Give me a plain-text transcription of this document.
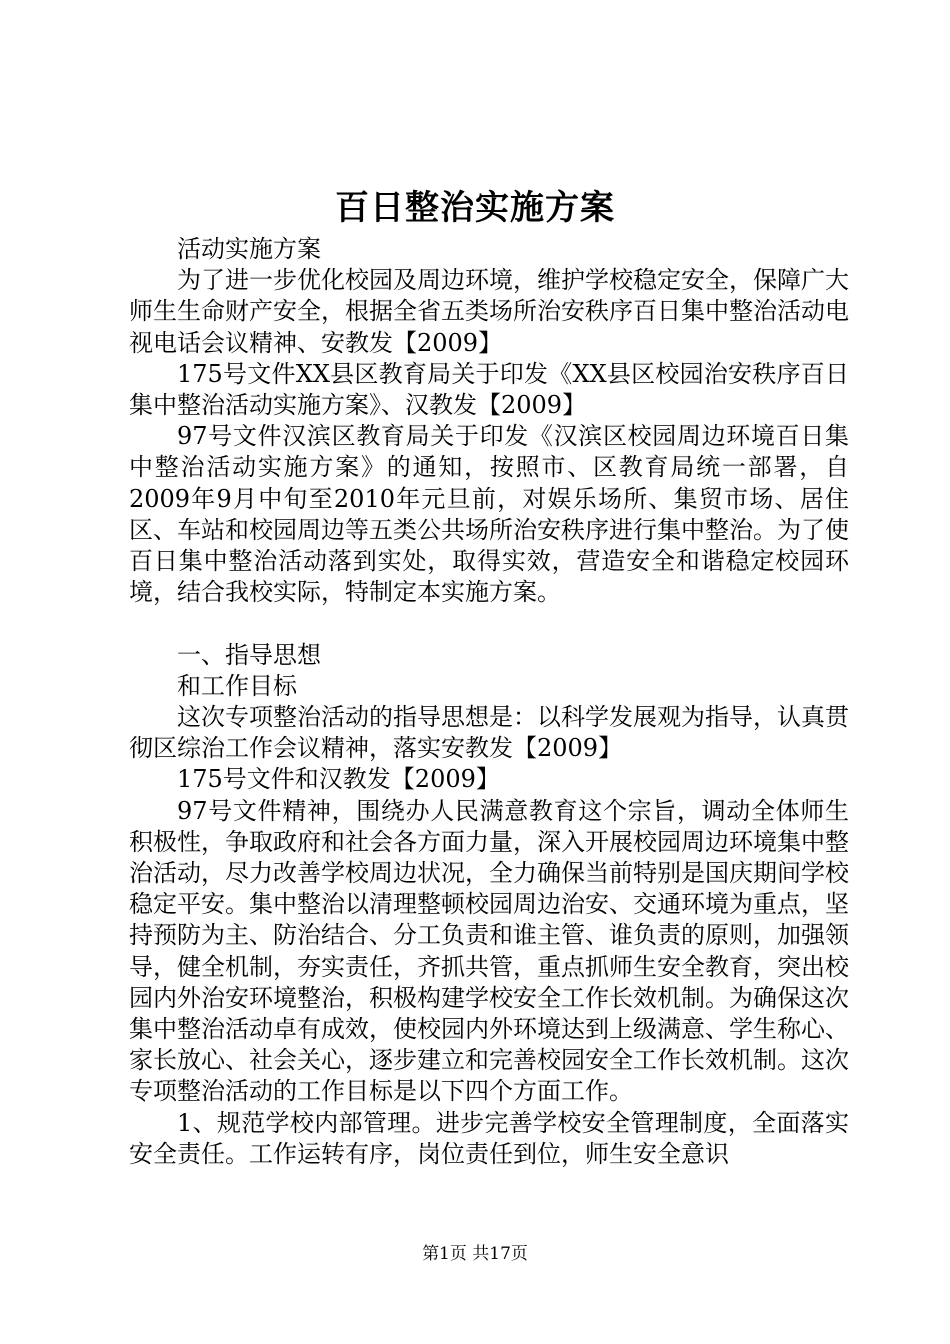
百日整治实施方案

活动实施方案

为了进一步优化校园及周边环境，维护学校稳定安全，保障广大师生生命财产安全，根据全省五类场所治安秩序百日集中整治活动电视电话会议精神、安教发【2009】

175号文件XX县区教育局关于印发《XX县区校园治安秩序百日集中整治活动实施方案》、汉教发【2009】

97号文件汉滨区教育局关于印发《汉滨区校园周边环境百日集中整治活动实施方案》的通知，按照市、区教育局统一部署，自2009年9月中旬至2010年元旦前，对娱乐场所、集贸市场、居住区、车站和校园周边等五类公共场所治安秩序进行集中整治。为了使百日集中整治活动落到实处，取得实效，营造安全和谐稳定校园环境，结合我校实际，特制定本实施方案。

一、指导思想

和工作目标

这次专项整治活动的指导思想是：以科学发展观为指导，认真贯彻区综治工作会议精神，落实安教发【2009】

175号文件和汉教发【2009】

97号文件精神，围绕办人民满意教育这个宗旨，调动全体师生积极性，争取政府和社会各方面力量，深入开展校园周边环境集中整治活动，尽力改善学校周边状况，全力确保当前特别是国庆期间学校稳定平安。集中整治以清理整顿校园周边治安、交通环境为重点，坚持预防为主、防治结合、分工负责和谁主管、谁负责的原则，加强领导，健全机制，夯实责任，齐抓共管，重点抓师生安全教育，突出校园内外治安环境整治，积极构建学校安全工作长效机制。为确保这次集中整治活动卓有成效，使校园内外环境达到上级满意、学生称心、家长放心、社会关心，逐步建立和完善校园安全工作长效机制。这次专项整治活动的工作目标是以下四个方面工作。

1、规范学校内部管理。进步完善学校安全管理制度，全面落实安全责任。工作运转有序，岗位责任到位，师生安全意识

第1页 共17页
